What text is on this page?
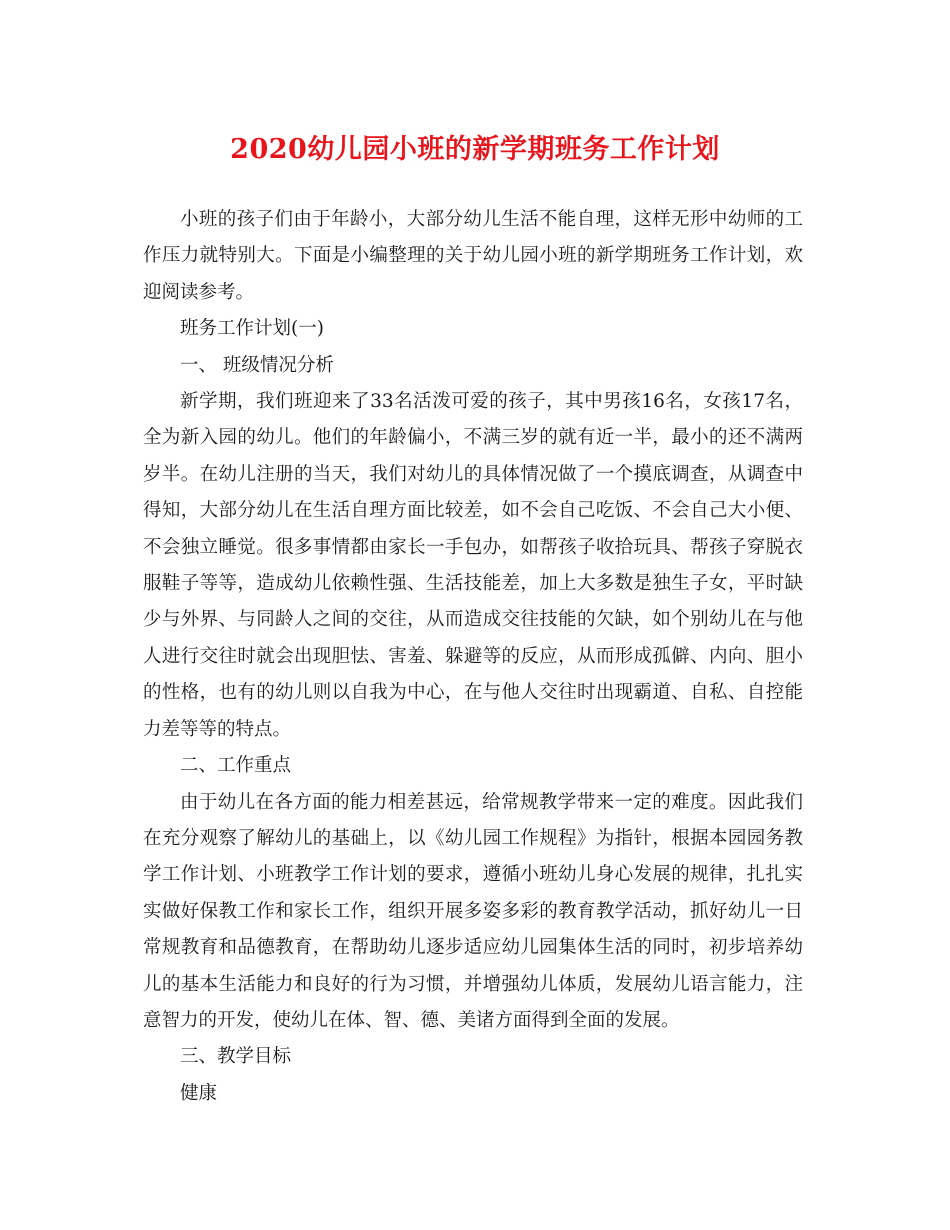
2020幼儿园小班的新学期班务工作计划

小班的孩子们由于年龄小，大部分幼儿生活不能自理，这样无形中幼师的工作压力就特别大。下面是小编整理的关于幼儿园小班的新学期班务工作计划，欢迎阅读参考。

班务工作计划(一)

一、 班级情况分析

新学期，我们班迎来了33名活泼可爱的孩子，其中男孩16名，女孩17名，全为新入园的幼儿。他们的年龄偏小，不满三岁的就有近一半，最小的还不满两岁半。在幼儿注册的当天，我们对幼儿的具体情况做了一个摸底调查，从调查中得知，大部分幼儿在生活自理方面比较差，如不会自己吃饭、不会自己大小便、不会独立睡觉。很多事情都由家长一手包办，如帮孩子收拾玩具、帮孩子穿脱衣服鞋子等等，造成幼儿依赖性强、生活技能差，加上大多数是独生子女，平时缺少与外界、与同龄人之间的交往，从而造成交往技能的欠缺，如个别幼儿在与他人进行交往时就会出现胆怯、害羞、躲避等的反应，从而形成孤僻、内向、胆小的性格，也有的幼儿则以自我为中心，在与他人交往时出现霸道、自私、自控能力差等等的特点。

二、工作重点

由于幼儿在各方面的能力相差甚远，给常规教学带来一定的难度。因此我们在充分观察了解幼儿的基础上，以《幼儿园工作规程》为指针，根据本园园务教学工作计划、小班教学工作计划的要求，遵循小班幼儿身心发展的规律，扎扎实实做好保教工作和家长工作，组织开展多姿多彩的教育教学活动，抓好幼儿一日常规教育和品德教育，在帮助幼儿逐步适应幼儿园集体生活的同时，初步培养幼儿的基本生活能力和良好的行为习惯，并增强幼儿体质，发展幼儿语言能力，注意智力的开发，使幼儿在体、智、德、美诸方面得到全面的发展。

三、教学目标

健康
